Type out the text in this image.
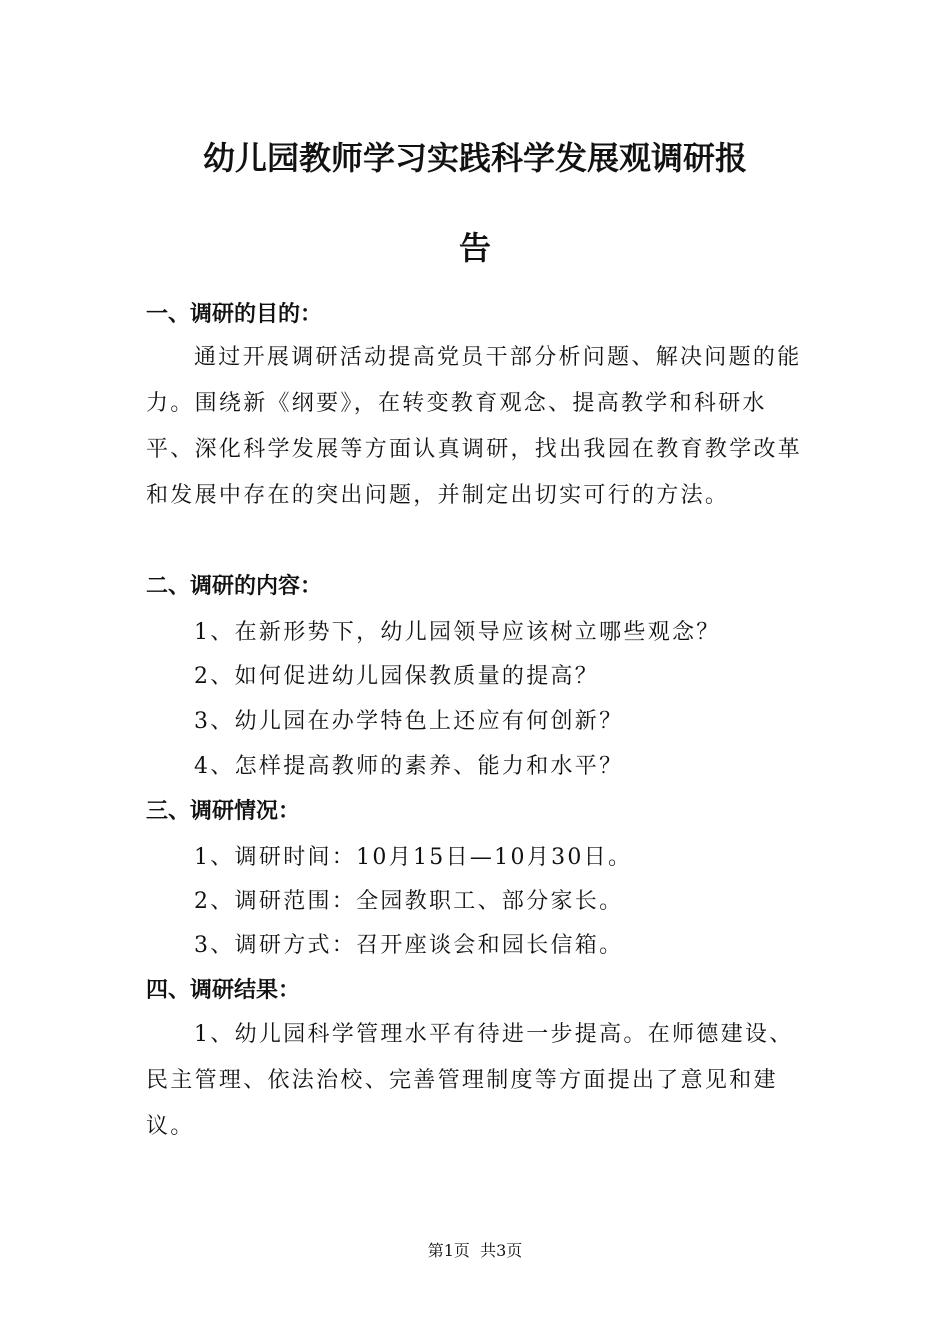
幼儿园教师学习实践科学发展观调研报
告
一、调研的目的：

通过开展调研活动提高党员干部分析问题、解决问题的能力。围绕新《纲要》，在转变教育观念、提高教学和科研水平、深化科学发展等方面认真调研，找出我园在教育教学改革和发展中存在的突出问题，并制定出切实可行的方法。

二、调研的内容：
1、在新形势下，幼儿园领导应该树立哪些观念？
2、如何促进幼儿园保教质量的提高？
3、幼儿园在办学特色上还应有何创新？
4、怎样提高教师的素养、能力和水平？
三、调研情况：
1、调研时间：10月15日—10月30日。
2、调研范围：全园教职工、部分家长。
3、调研方式：召开座谈会和园长信箱。
四、调研结果：

1、幼儿园科学管理水平有待进一步提高。在师德建设、民主管理、依法治校、完善管理制度等方面提出了意见和建议。

第1页  共3页
